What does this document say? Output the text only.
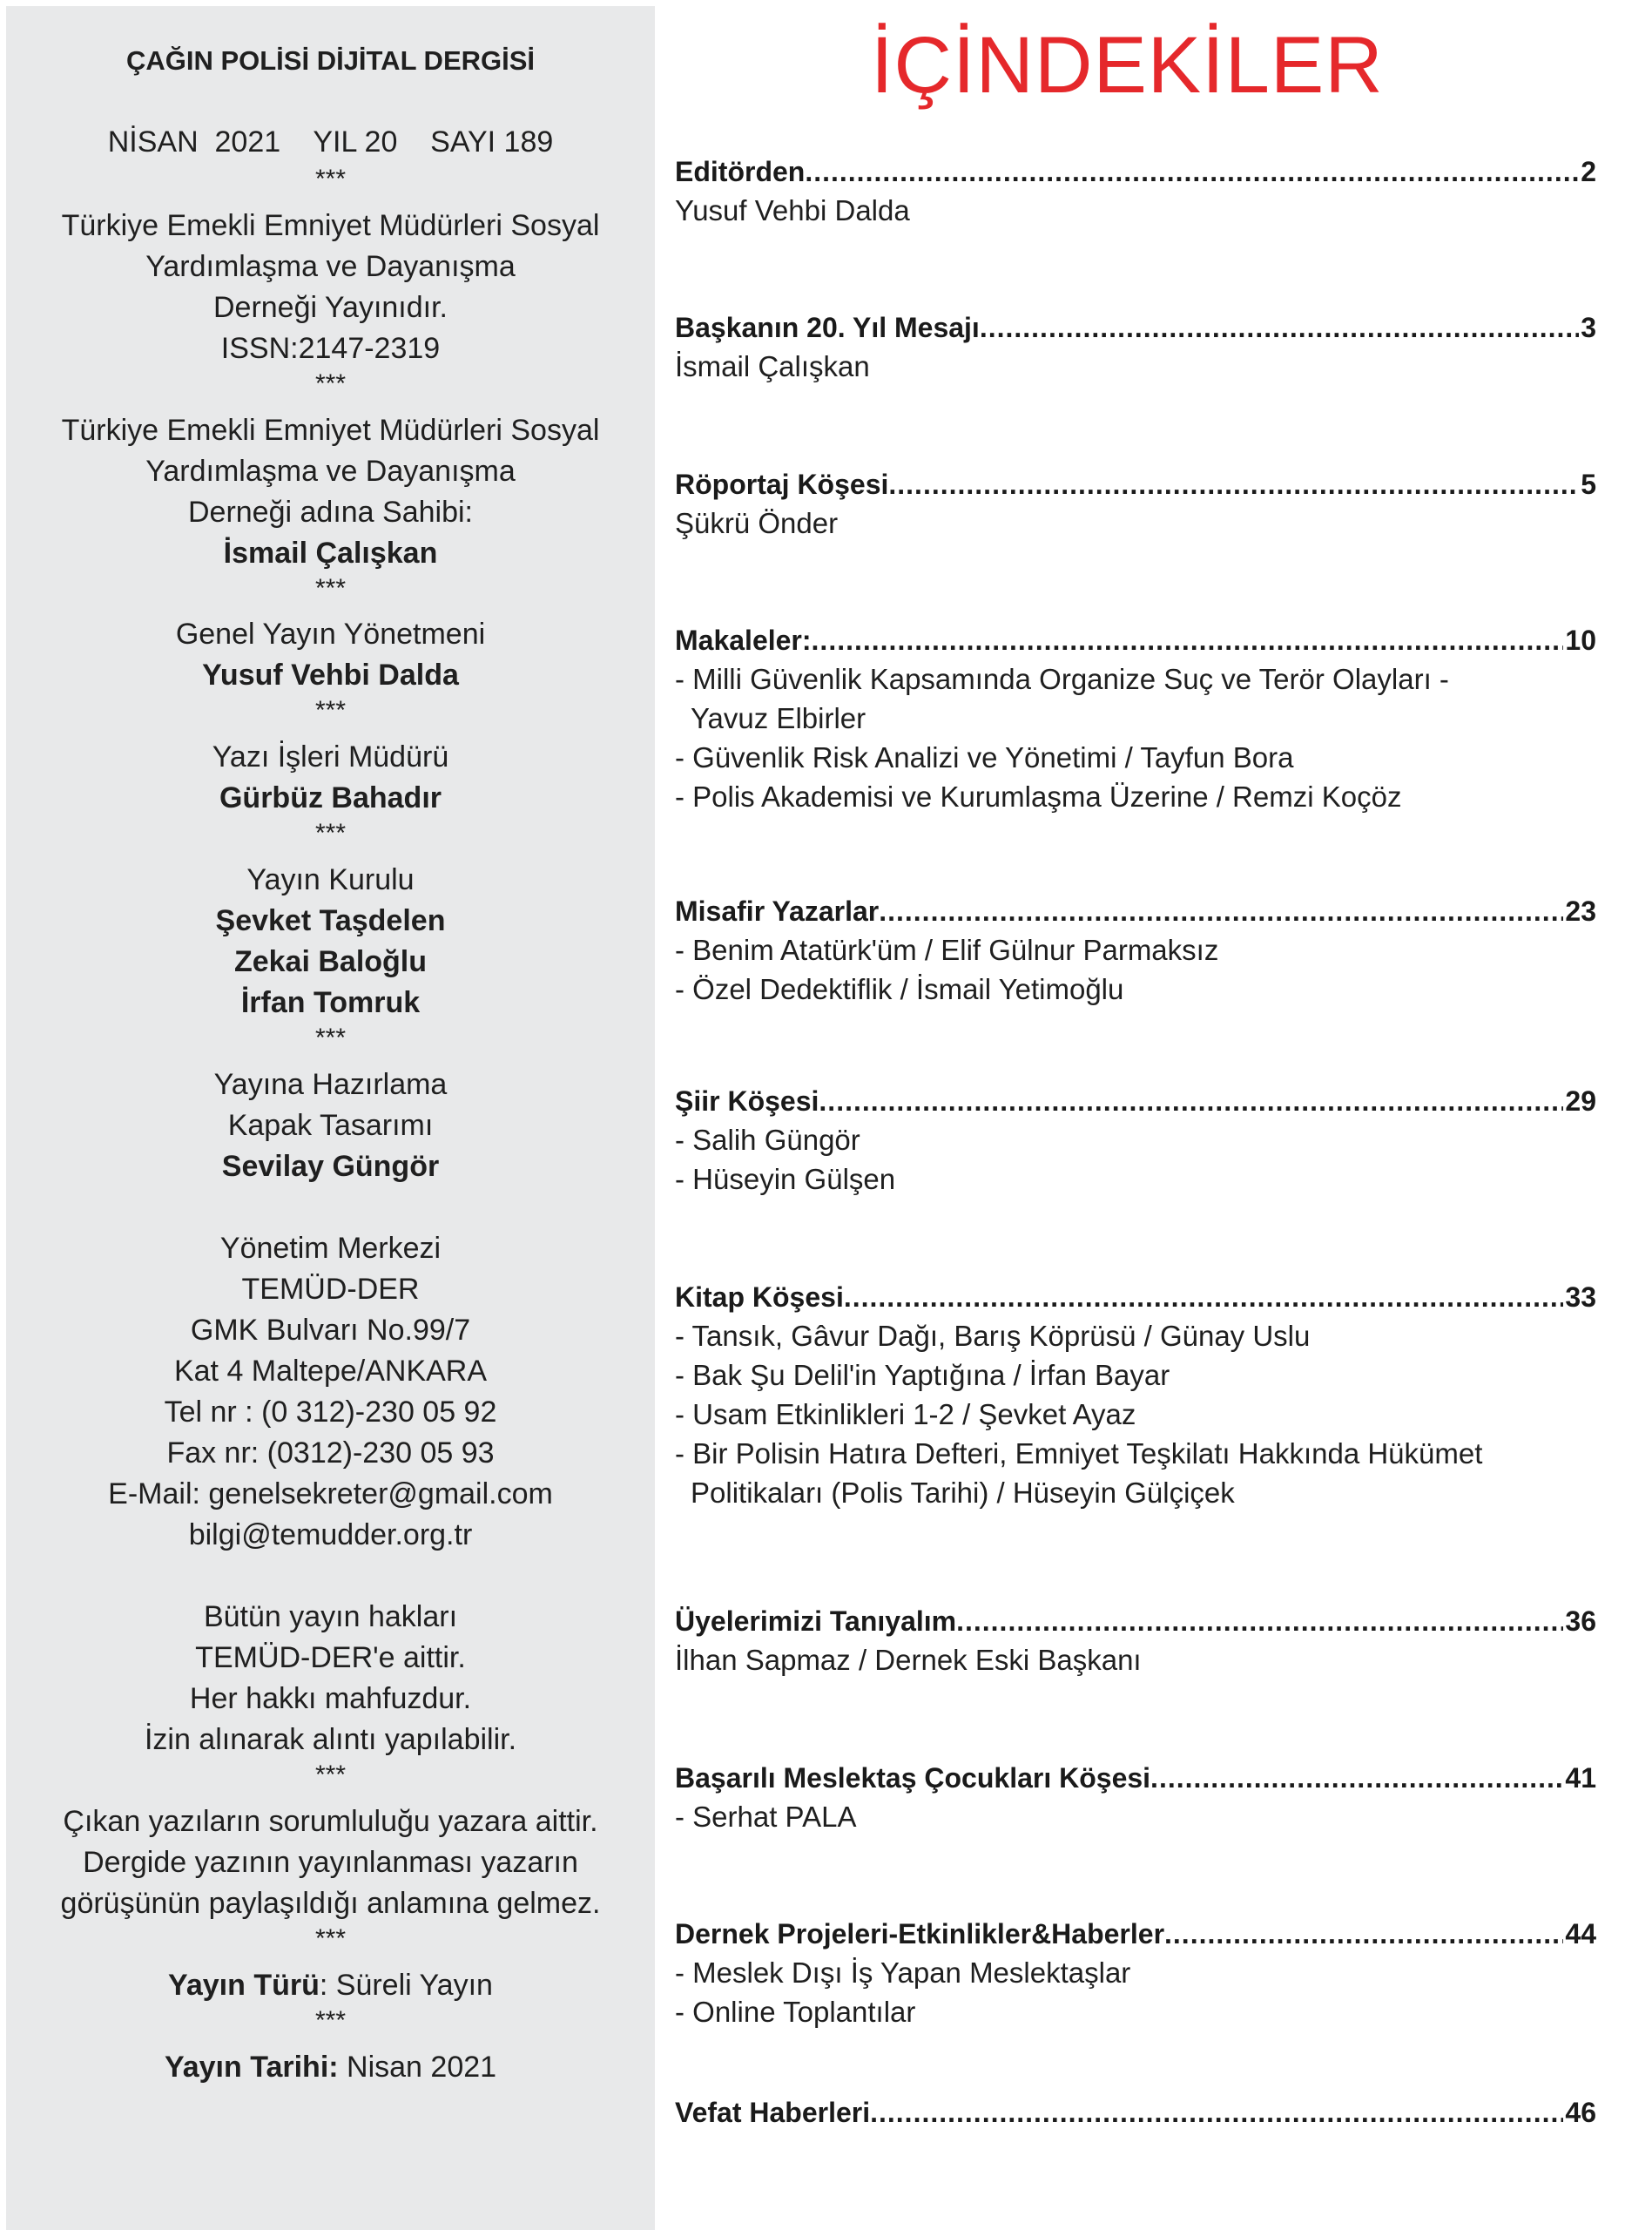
ÇAĞIN POLİSİ DİJİTAL DERGİSİ
NİSAN  2021    YIL 20    SAYI 189
***
Türkiye Emekli Emniyet Müdürleri Sosyal
Yardımlaşma ve Dayanışma
Derneği Yayınıdır.
ISSN:2147-2319
***
Türkiye Emekli Emniyet Müdürleri Sosyal
Yardımlaşma ve Dayanışma
Derneği adına Sahibi:
İsmail Çalışkan
***
Genel Yayın Yönetmeni
Yusuf Vehbi Dalda
***
Yazı İşleri Müdürü
Gürbüz Bahadır
***
Yayın Kurulu
Şevket Taşdelen
Zekai Baloğlu
İrfan Tomruk
***
Yayına Hazırlama
Kapak Tasarımı
Sevilay Güngör
Yönetim Merkezi
TEMÜD-DER
GMK Bulvarı No.99/7
Kat 4 Maltepe/ANKARA
Tel nr : (0 312)-230 05 92
Fax nr: (0312)-230 05 93
E-Mail: genelsekreter@gmail.com
bilgi@temudder.org.tr
Bütün yayın hakları
TEMÜD-DER'e aittir.
Her hakkı mahfuzdur.
İzin alınarak alıntı yapılabilir.
***
Çıkan yazıların sorumluluğu yazara aittir.
Dergide yazının yayınlanması yazarın
görüşünün paylaşıldığı anlamına gelmez.
***
Yayın Türü: Süreli Yayın
***
Yayın Tarihi: Nisan 2021
İÇİNDEKİLER
Editörden .....	2
Yusuf Vehbi Dalda
Başkanın 20. Yıl Mesajı .....	3
İsmail Çalışkan
Röportaj Köşesi .....	5
Şükrü Önder
Makaleler: .....	10
- Milli Güvenlik Kapsamında Organize Suç ve Terör Olayları -
Yavuz Elbirler
- Güvenlik Risk Analizi ve Yönetimi / Tayfun Bora
- Polis Akademisi ve Kurumlaşma Üzerine / Remzi Koçöz
Misafir Yazarlar .....	23
- Benim Atatürk'üm / Elif Gülnur Parmaksız
- Özel Dedektiflik / İsmail Yetimoğlu
Şiir Köşesi .....	29
- Salih Güngör
- Hüseyin Gülşen
Kitap Köşesi .....	33
- Tansık, Gâvur Dağı, Barış Köprüsü / Günay Uslu
- Bak Şu Delil'in Yaptığına / İrfan Bayar
- Usam Etkinlikleri 1-2 / Şevket Ayaz
- Bir Polisin Hatıra Defteri, Emniyet Teşkilatı Hakkında Hükümet
Politikaları (Polis Tarihi) / Hüseyin Gülçiçek
Üyelerimizi Tanıyalım .....	36
İlhan Sapmaz / Dernek Eski Başkanı
Başarılı Meslektaş Çocukları Köşesi .....	41
- Serhat PALA
Dernek Projeleri-Etkinlikler&Haberler .....	44
- Meslek Dışı İş Yapan Meslektaşlar
- Online Toplantılar
Vefat Haberleri .....	46
